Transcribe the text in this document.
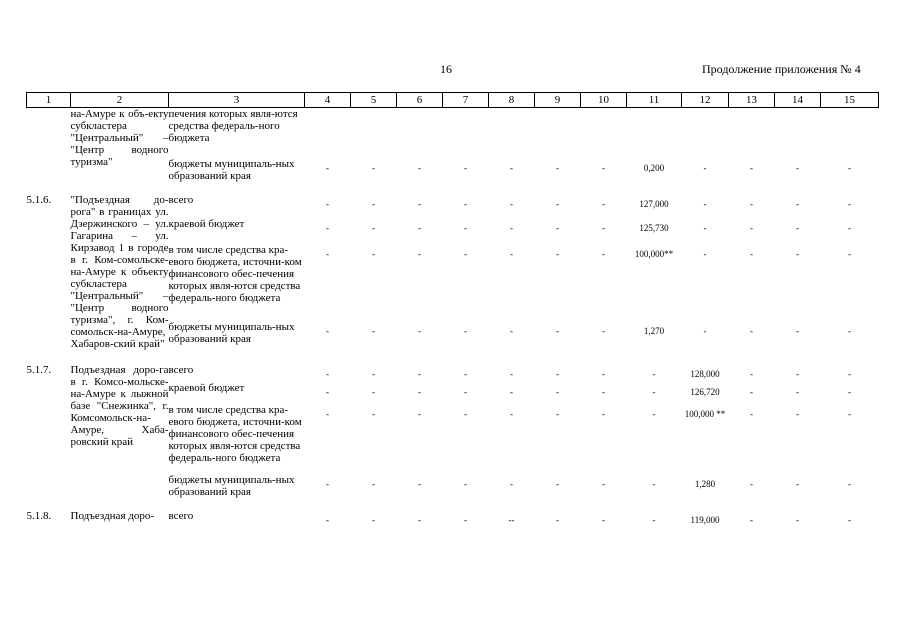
16	Продолжение приложения № 4
1	2	3	4	5	6	7	8	9	10	11	12	13	14	15
	на-Амуре к объ-екту субкластера "Центральный" – "Центр водного туризма"	печения которых явля-ются средства федераль-ного бюджета												
		бюджеты муниципаль-ных образований края	-	-	-	-	-	-	-	0,200	-	-	-	-

5.1.6.	"Подъездная до-рога" в границах ул. Дзержинского – ул. Гагарина – ул. Кирзавод 1 в городе в г. Ком-сомольске-на-Амуре к объекту субкластера "Центральный" – "Центр водного туризма", г. Ком-сомольск-на-Амуре, Хабаров-ский край"	всего	-	-	-	-	-	-	-	127,000	-	-	-	-
		краевой бюджет	-	-	-	-	-	-	-	125,730	-	-	-	-
		в том числе средства кра-евого бюджета, источни-ком финансового обес-печения которых явля-ются средства федераль-ного бюджета	-	-	-	-	-	-	-	100,000**	-	-	-	-
		бюджеты муниципаль-ных образований края	-	-	-	-	-	-	-	1,270	-	-	-	-

5.1.7.	Подъездная доро-га в г. Комсо-мольске-на-Амуре к лыжной базе "Снежинка", г. Комсомольск-на-Амуре, Хаба-ровский край	всего	-	-	-	-	-	-	-	-	128,000	-	-	-
		краевой бюджет	-	-	-	-	-	-	-	-	126,720	-	-	-
		в том числе средства кра-евого бюджета, источни-ком финансового обес-печения которых явля-ются средства федераль-ного бюджета	-	-	-	-	-	-	-	-	100,000 **	-	-	-
		бюджеты муниципаль-ных образований края	-	-	-	-	-	-	-	-	1,280	-	-	-

5.1.8.	Подъездная доро-	всего	-	-	-	-	--	-	-	-	119,000	-	-	-
